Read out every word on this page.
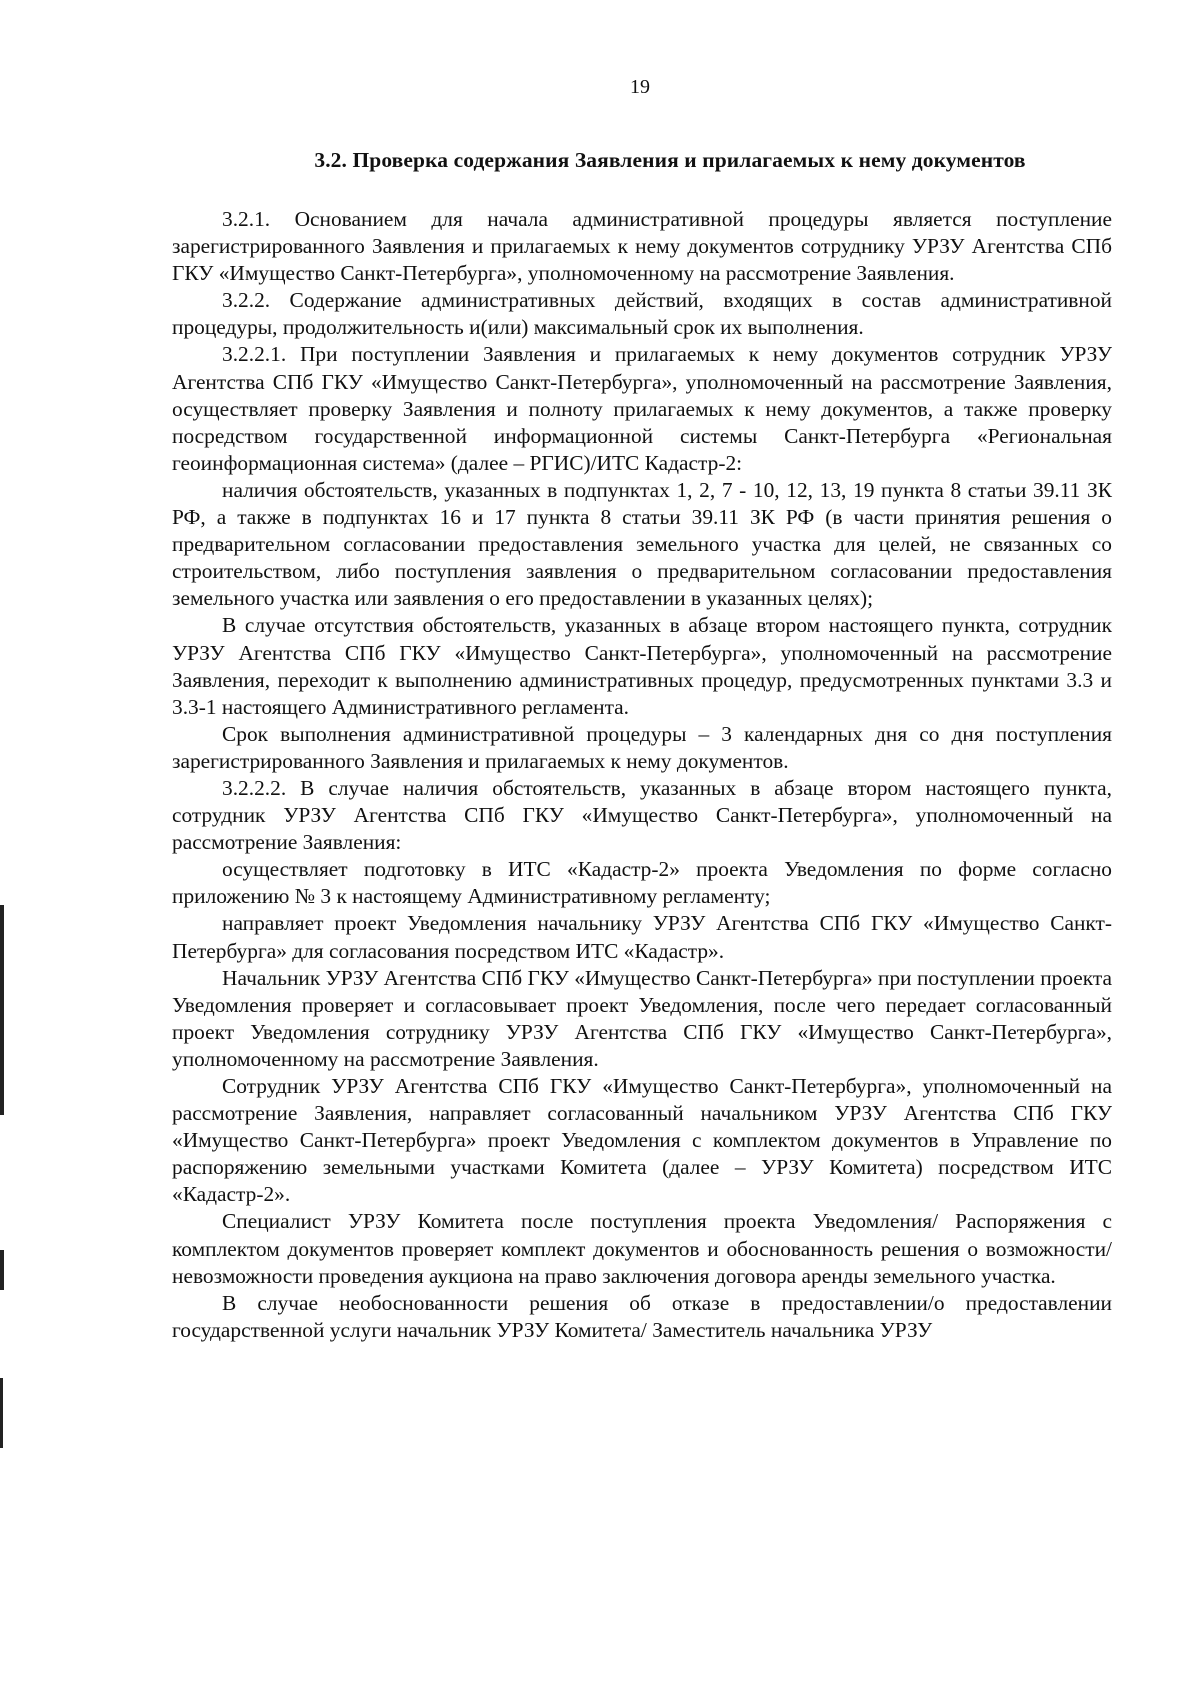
19
3.2. Проверка содержания Заявления и прилагаемых к нему документов

3.2.1. Основанием для начала административной процедуры является поступление зарегистрированного Заявления и прилагаемых к нему документов сотруднику УРЗУ Агентства СПб ГКУ «Имущество Санкт-Петербурга», уполномоченному на рассмотрение Заявления.

3.2.2. Содержание административных действий, входящих в состав административной процедуры, продолжительность и(или) максимальный срок их выполнения.

3.2.2.1. При поступлении Заявления и прилагаемых к нему документов сотрудник УРЗУ Агентства СПб ГКУ «Имущество Санкт-Петербурга», уполномоченный на рассмотрение Заявления, осуществляет проверку Заявления и полноту прилагаемых к нему документов, а также проверку посредством государственной информационной системы Санкт-Петербурга «Региональная геоинформационная система» (далее – РГИС)/ИТС Кадастр-2:

наличия обстоятельств, указанных в подпунктах 1, 2, 7 - 10, 12, 13, 19 пункта 8 статьи 39.11 ЗК РФ, а также в подпунктах 16 и 17 пункта 8 статьи 39.11 ЗК РФ (в части принятия решения о предварительном согласовании предоставления земельного участка для целей, не связанных со строительством, либо поступления заявления о предварительном согласовании предоставления земельного участка или заявления о его предоставлении в указанных целях);

В случае отсутствия обстоятельств, указанных в абзаце втором настоящего пункта, сотрудник УРЗУ Агентства СПб ГКУ «Имущество Санкт-Петербурга», уполномоченный на рассмотрение Заявления, переходит к выполнению административных процедур, предусмотренных пунктами 3.3 и 3.3-1 настоящего Административного регламента.

Срок выполнения административной процедуры – 3 календарных дня со дня поступления зарегистрированного Заявления и прилагаемых к нему документов.

3.2.2.2. В случае наличия обстоятельств, указанных в абзаце втором настоящего пункта, сотрудник УРЗУ Агентства СПб ГКУ «Имущество Санкт-Петербурга», уполномоченный на рассмотрение Заявления:

осуществляет подготовку в ИТС «Кадастр-2» проекта Уведомления по форме согласно приложению № 3 к настоящему Административному регламенту;

направляет проект Уведомления начальнику УРЗУ Агентства СПб ГКУ «Имущество Санкт-Петербурга» для согласования посредством ИТС «Кадастр».

Начальник УРЗУ Агентства СПб ГКУ «Имущество Санкт-Петербурга» при поступлении проекта Уведомления проверяет и согласовывает проект Уведомления, после чего передает согласованный проект Уведомления сотруднику УРЗУ Агентства СПб ГКУ «Имущество Санкт-Петербурга», уполномоченному на рассмотрение Заявления.

Сотрудник УРЗУ Агентства СПб ГКУ «Имущество Санкт-Петербурга», уполномоченный на рассмотрение Заявления, направляет согласованный начальником УРЗУ Агентства СПб ГКУ «Имущество Санкт-Петербурга» проект Уведомления с комплектом документов в Управление по распоряжению земельными участками Комитета (далее – УРЗУ Комитета) посредством ИТС «Кадастр-2».

Специалист УРЗУ Комитета после поступления проекта Уведомления/ Распоряжения с комплектом документов проверяет комплект документов и обоснованность решения о возможности/невозможности проведения аукциона на право заключения договора аренды земельного участка.

В случае необоснованности решения об отказе в предоставлении/о предоставлении государственной услуги начальник УРЗУ Комитета/ Заместитель начальника УРЗУ
